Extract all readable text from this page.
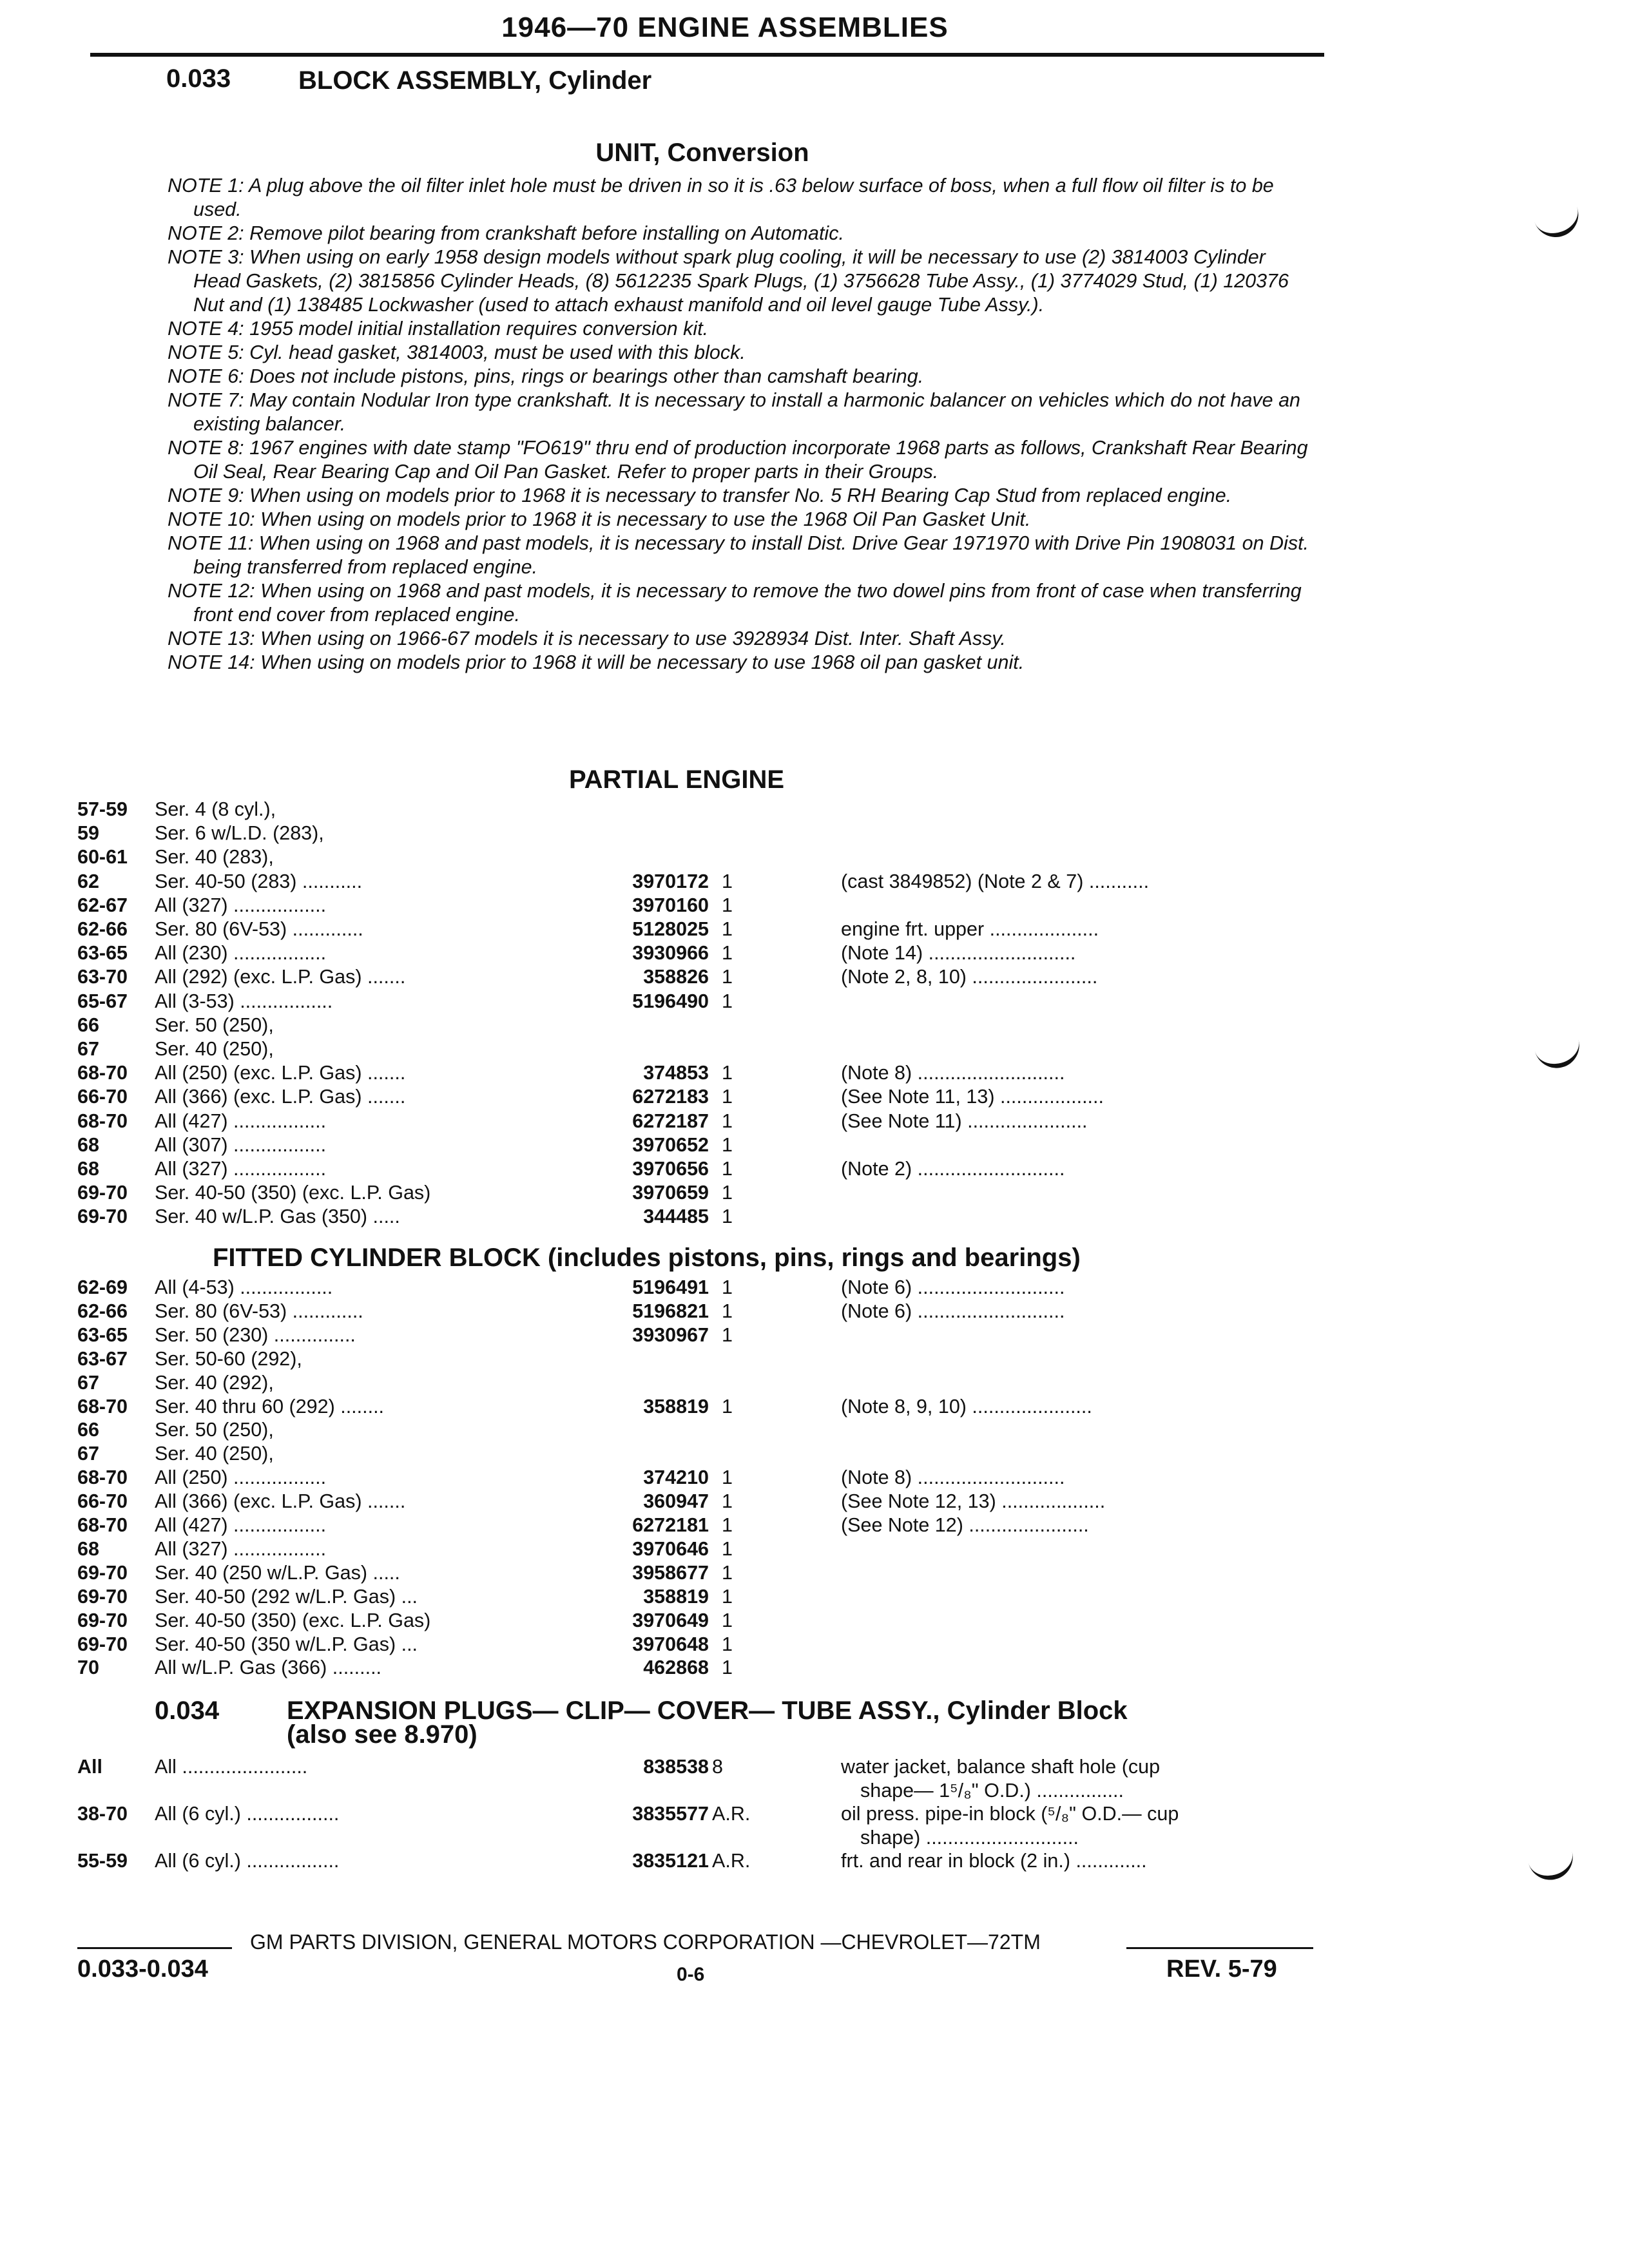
1946—70 ENGINE ASSEMBLIES
0.033	BLOCK ASSEMBLY, Cylinder
UNIT, Conversion

NOTE 1: A plug above the oil filter inlet hole must be driven in so it is .63 below surface of boss, when a full flow oil filter is to be used.

NOTE 2: Remove pilot bearing from crankshaft before installing on Automatic.

NOTE 3: When using on early 1958 design models without spark plug cooling, it will be necessary to use (2) 3814003 Cylinder Head Gaskets, (2) 3815856 Cylinder Heads, (8) 5612235 Spark Plugs, (1) 3756628 Tube Assy., (1) 3774029 Stud, (1) 120376 Nut and (1) 138485 Lockwasher (used to attach exhaust manifold and oil level gauge Tube Assy.).

NOTE 4: 1955 model initial installation requires conversion kit.

NOTE 5: Cyl. head gasket, 3814003, must be used with this block.

NOTE 6: Does not include pistons, pins, rings or bearings other than camshaft bearing.

NOTE 7: May contain Nodular Iron type crankshaft. It is necessary to install a harmonic balancer on vehicles which do not have an existing balancer.

NOTE 8: 1967 engines with date stamp "FO619" thru end of production incorporate 1968 parts as follows, Crankshaft Rear Bearing Oil Seal, Rear Bearing Cap and Oil Pan Gasket. Refer to proper parts in their Groups.

NOTE 9: When using on models prior to 1968 it is necessary to transfer No. 5 RH Bearing Cap Stud from replaced engine.

NOTE 10: When using on models prior to 1968 it is necessary to use the 1968 Oil Pan Gasket Unit.

NOTE 11: When using on 1968 and past models, it is necessary to install Dist. Drive Gear 1971970 with Drive Pin 1908031 on Dist. being transferred from replaced engine.

NOTE 12: When using on 1968 and past models, it is necessary to remove the two dowel pins from front of case when transferring front end cover from replaced engine.

NOTE 13: When using on 1966-67 models it is necessary to use 3928934 Dist. Inter. Shaft Assy.

NOTE 14: When using on models prior to 1968 it will be necessary to use 1968 oil pan gasket unit.

PARTIAL ENGINE
57-59 Ser. 4 (8 cyl.),
59	Ser. 6 w/L.D. (283),
60-61 Ser. 40 (283),
62	Ser. 40-50 (283) ...........	3970172 1	(cast 3849852) (Note 2 & 7) ...........
62-67 All (327) .................	3970160 1
62-66 Ser. 80 (6V-53) .............	5128025 1	engine frt. upper ....................
63-65 All (230) .................	3930966 1	(Note 14) ...........................
63-70 All (292) (exc. L.P. Gas) .......	358826 1	(Note 2, 8, 10) .......................
65-67 All (3-53) .................	5196490 1
66	Ser. 50 (250),
67	Ser. 40 (250),
68-70 All (250) (exc. L.P. Gas) .......	374853 1	(Note 8) ...........................
66-70 All (366) (exc. L.P. Gas) .......	6272183 1	(See Note 11, 13) ...................
68-70 All (427) .................	6272187 1	(See Note 11) ......................
68	All (307) .................	3970652 1
68	All (327) .................	3970656 1	(Note 2) ...........................
69-70 Ser. 40-50 (350) (exc. L.P. Gas)	3970659 1
69-70 Ser. 40 w/L.P. Gas (350) .....	344485 1
FITTED CYLINDER BLOCK (includes pistons, pins, rings and bearings)
62-69 All (4-53) .................	5196491 1	(Note 6) ...........................
62-66 Ser. 80 (6V-53) .............	5196821 1	(Note 6) ...........................
63-65 Ser. 50 (230) ...............	3930967 1
63-67 Ser. 50-60 (292),
67	Ser. 40 (292),
68-70 Ser. 40 thru 60 (292) ........	358819 1	(Note 8, 9, 10) ......................
66	Ser. 50 (250),
67	Ser. 40 (250),
68-70 All (250) .................	374210 1	(Note 8) ...........................
66-70 All (366) (exc. L.P. Gas) .......	360947 1	(See Note 12, 13) ...................
68-70 All (427) .................	6272181 1	(See Note 12) ......................
68	All (327) .................	3970646 1
69-70 Ser. 40 (250 w/L.P. Gas) .....	3958677 1
69-70 Ser. 40-50 (292 w/L.P. Gas) ...	358819 1
69-70 Ser. 40-50 (350) (exc. L.P. Gas)	3970649 1
69-70 Ser. 40-50 (350 w/L.P. Gas) ...	3970648 1
70	All w/L.P. Gas (366) .........	462868 1
0.034	EXPANSION PLUGS— CLIP— COVER— TUBE ASSY., Cylinder Block
(also see 8.970)
All	All .......................	838538 8	water jacket, balance shaft hole (cup
shape— 1⁵/₈" O.D.) ................
38-70 All (6 cyl.) .................	3835577 A.R.	oil press. pipe-in block (⁵/₈" O.D.— cup
shape) ............................
55-59 All (6 cyl.) .................	3835121 A.R.	frt. and rear in block (2 in.) .............
GM PARTS DIVISION, GENERAL MOTORS CORPORATION —CHEVROLET—72TM
0.033-0.034	0-6	REV. 5-79
